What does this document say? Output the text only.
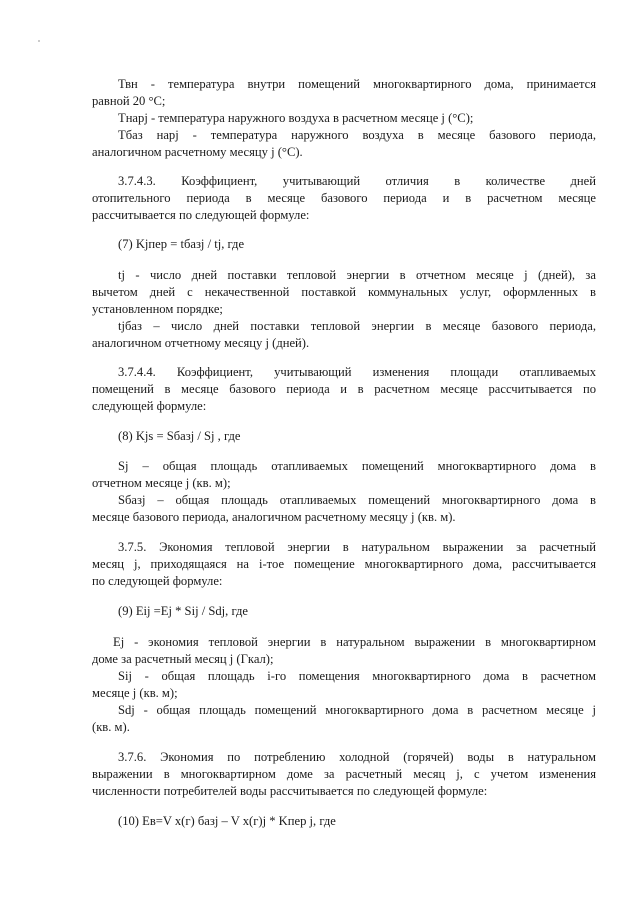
Твн - температура внутри помещений многоквартирного дома, принимается
равной 20 °С;
Тнарj - температура наружного воздуха в расчетном месяце j (°С);
Тбаз нарj - температура наружного воздуха в месяце базового периода,
аналогичном расчетному месяцу j (°С).
3.7.4.3. Коэффициент, учитывающий отличия в количестве дней
отопительного периода в месяце базового периода и в расчетном месяце
рассчитывается по следующей формуле:
(7) Kjпер = tбазj / tj, где
tj - число дней поставки тепловой энергии в отчетном месяце j (дней), за
вычетом дней с некачественной поставкой коммунальных услуг, оформленных в
установленном порядке;
tjбаз – число дней поставки тепловой энергии в месяце базового периода,
аналогичном отчетному месяцу j (дней).
3.7.4.4. Коэффициент, учитывающий изменения площади отапливаемых
помещений в месяце базового периода и в расчетном месяце рассчитывается по
следующей формуле:
(8) Kjs = Sбазj / Sj , где
Sj – общая площадь отапливаемых помещений многоквартирного дома в
отчетном месяце j (кв. м);
Sбазj – общая площадь отапливаемых помещений многоквартирного дома в
месяце базового периода, аналогичном расчетному месяцу j (кв. м).
3.7.5. Экономия тепловой энергии в натуральном выражении за расчетный
месяц j, приходящаяся на i-тое помещение многоквартирного дома, рассчитывается
по следующей формуле:
(9) Eij =Ej * Sij / Sdj, где
Ej - экономия тепловой энергии в натуральном выражении в многоквартирном
доме за расчетный месяц j (Гкал);
Sij - общая площадь i-го помещения многоквартирного дома в расчетном
месяце j (кв. м);
Sdj - общая площадь помещений многоквартирного дома в расчетном месяце j
(кв. м).
3.7.6. Экономия по потреблению холодной (горячей) воды в натуральном
выражении в многоквартирном доме за расчетный месяц j, с учетом изменения
численности потребителей воды рассчитывается по следующей формуле:
(10) Eв=V х(г) базj – V х(г)j * Kпер j, где
